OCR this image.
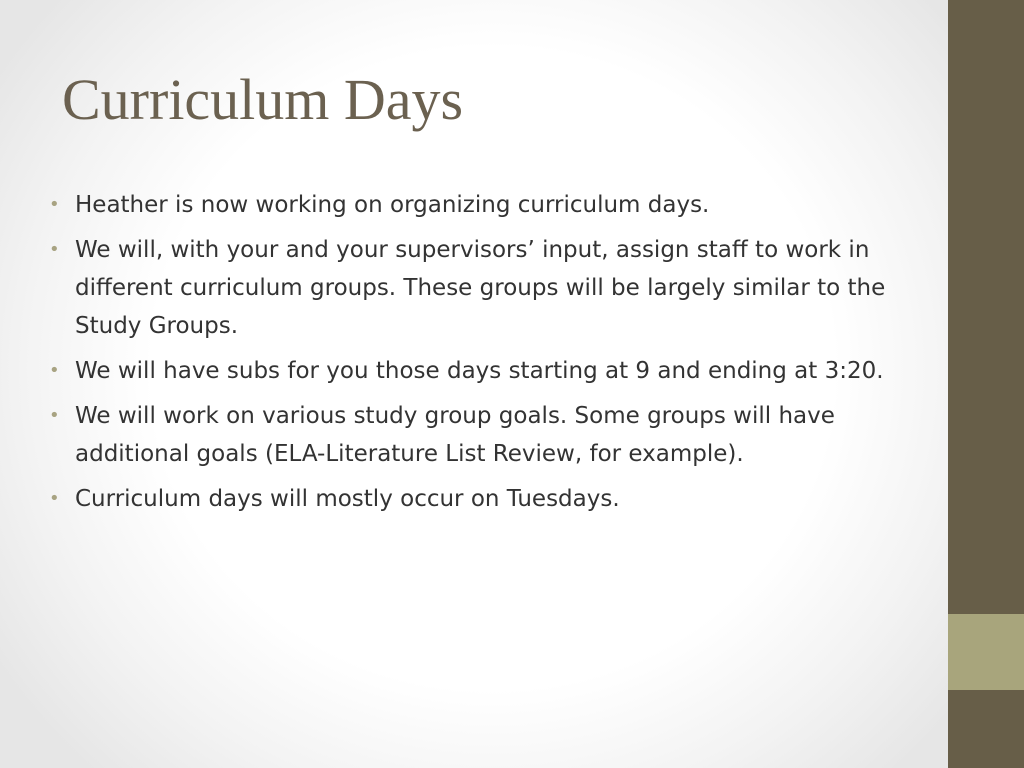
Curriculum Days
• Heather is now working on organizing curriculum days.
• We will, with your and your supervisors’ input, assign staff to work in different curriculum groups. These groups will be largely similar to the Study Groups.
• We will have subs for you those days starting at 9 and ending at 3:20.
• We will work on various study group goals. Some groups will have additional goals (ELA-Literature List Review, for example).
• Curriculum days will mostly occur on Tuesdays.
